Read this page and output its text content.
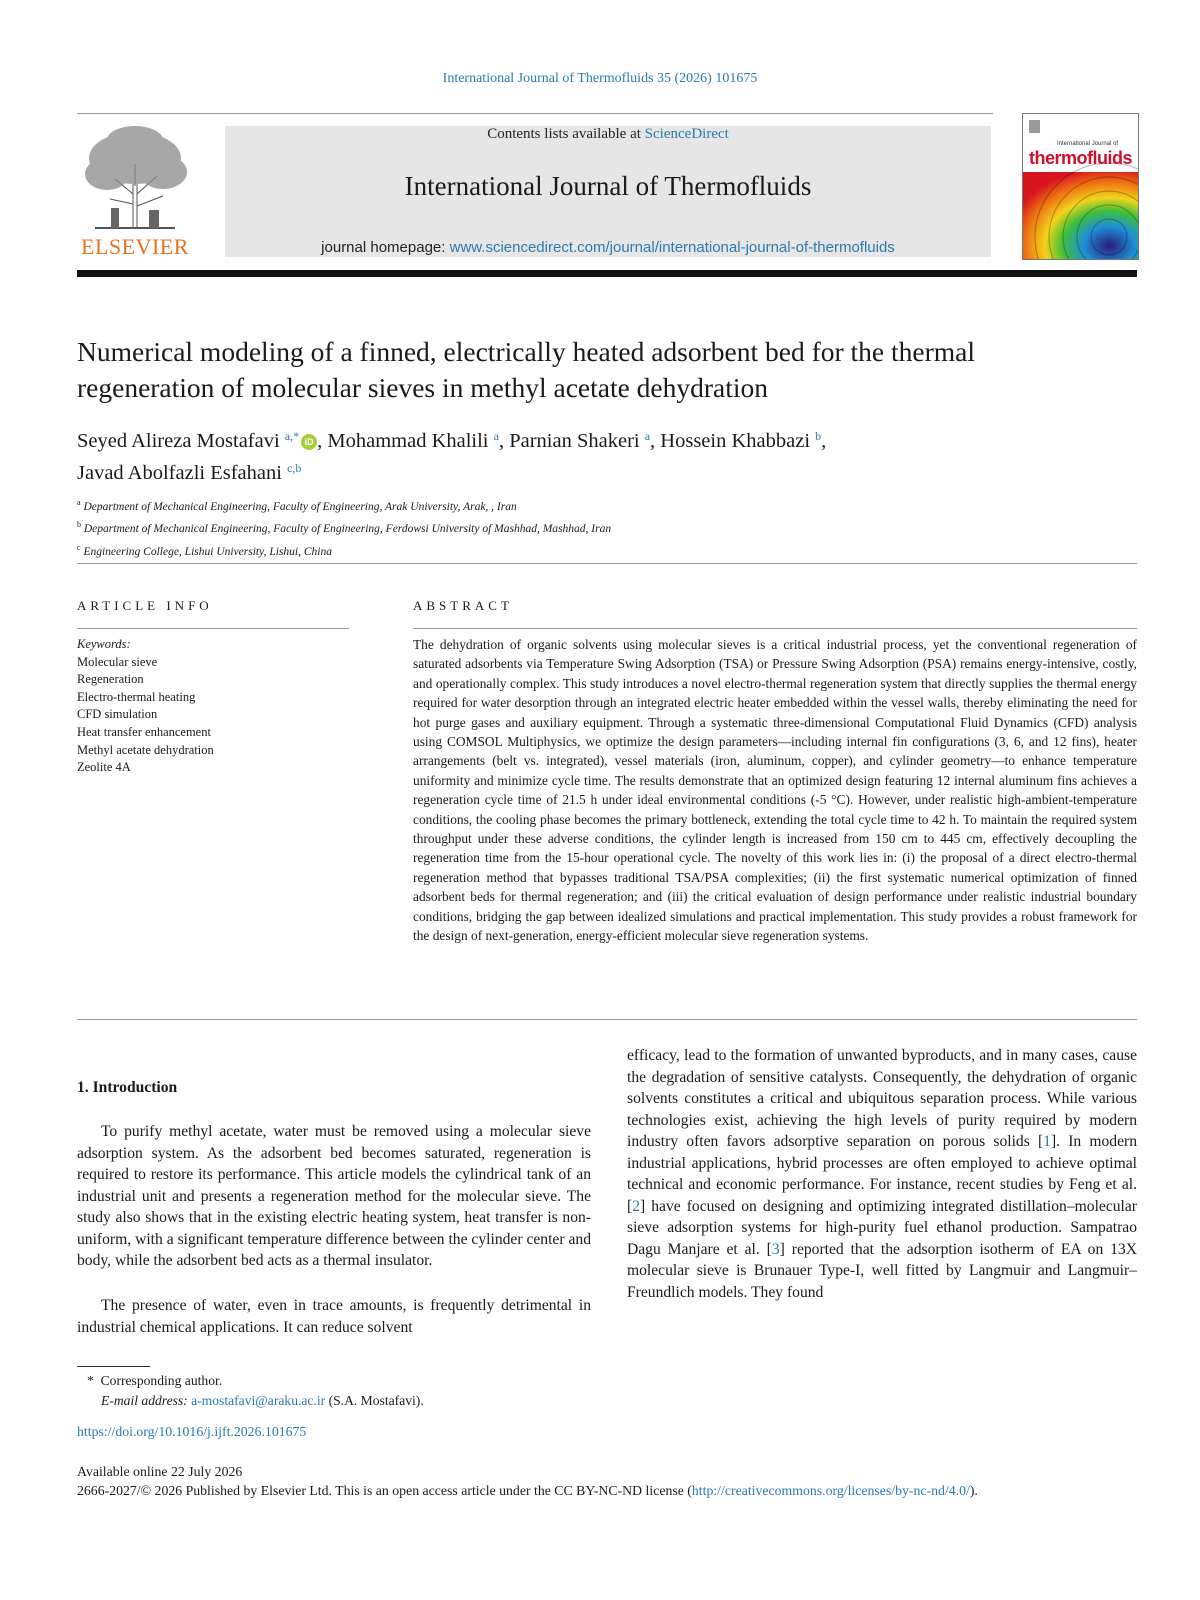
International Journal of Thermofluids 35 (2026) 101675
ELSEVIER
Contents lists available at ScienceDirect
International Journal of Thermofluids
journal homepage: www.sciencedirect.com/journal/international-journal-of-thermofluids
International Journal of
thermofluids
Numerical modeling of a finned, electrically heated adsorbent bed for the thermal regeneration of molecular sieves in methyl acetate dehydration
Seyed Alireza Mostafavi $^{a,*}$ iD , Mohammad Khalili $^a$, Parnian Shakeri $^a$, Hossein Khabbazi $^b$,
Javad Abolfazli Esfahani $^{c,b}$
$^a$ Department of Mechanical Engineering, Faculty of Engineering, Arak University, Arak, , Iran
$^b$ Department of Mechanical Engineering, Faculty of Engineering, Ferdowsi University of Mashhad, Mashhad, Iran
$^c$ Engineering College, Lishui University, Lishui, China
ARTICLE INFO
Keywords:
Molecular sieve
Regeneration
Electro-thermal heating
CFD simulation
Heat transfer enhancement
Methyl acetate dehydration
Zeolite 4A
ABSTRACT
The dehydration of organic solvents using molecular sieves is a critical industrial process, yet the conventional regeneration of saturated adsorbents via Temperature Swing Adsorption (TSA) or Pressure Swing Adsorption (PSA) remains energy-intensive, costly, and operationally complex. This study introduces a novel electro-thermal regeneration system that directly supplies the thermal energy required for water desorption through an integrated electric heater embedded within the vessel walls, thereby eliminating the need for hot purge gases and auxiliary equipment. Through a systematic three-dimensional Computational Fluid Dynamics (CFD) analysis using COMSOL Multiphysics, we optimize the design parameters—including internal fin configurations (3, 6, and 12 fins), heater arrangements (belt vs. integrated), vessel materials (iron, aluminum, copper), and cylinder geometry—to enhance temperature uniformity and minimize cycle time. The results demonstrate that an optimized design featuring 12 internal aluminum fins achieves a regeneration cycle time of 21.5 h under ideal environmental conditions (-5 °C). However, under realistic high-ambient-temperature conditions, the cooling phase becomes the primary bottleneck, extending the total cycle time to 42 h. To maintain the required system throughput under these adverse conditions, the cylinder length is increased from 150 cm to 445 cm, effectively decoupling the regeneration time from the 15-hour operational cycle. The novelty of this work lies in: (i) the proposal of a direct electro-thermal regeneration method that bypasses traditional TSA/PSA complexities; (ii) the first systematic numerical optimization of finned adsorbent beds for thermal regeneration; and (iii) the critical evaluation of design performance under realistic industrial boundary conditions, bridging the gap between idealized simulations and practical implementation. This study provides a robust framework for the design of next-generation, energy-efficient molecular sieve regeneration systems.
1. Introduction
To purify methyl acetate, water must be removed using a molecular sieve adsorption system. As the adsorbent bed becomes saturated, regeneration is required to restore its performance. This article models the cylindrical tank of an industrial unit and presents a regeneration method for the molecular sieve. The study also shows that in the existing electric heating system, heat transfer is non-uniform, with a significant temperature difference between the cylinder center and body, while the adsorbent bed acts as a thermal insulator.
The presence of water, even in trace amounts, is frequently detrimental in industrial chemical applications. It can reduce solvent
efficacy, lead to the formation of unwanted byproducts, and in many cases, cause the degradation of sensitive catalysts. Consequently, the dehydration of organic solvents constitutes a critical and ubiquitous separation process. While various technologies exist, achieving the high levels of purity required by modern industry often favors adsorptive separation on porous solids [1]. In modern industrial applications, hybrid processes are often employed to achieve optimal technical and economic performance. For instance, recent studies by Feng et al. [2] have focused on designing and optimizing integrated distillation–molecular sieve adsorption systems for high-purity fuel ethanol production. Sampatrao Dagu Manjare et al. [3] reported that the adsorption isotherm of EA on 13X molecular sieve is Brunauer Type-I, well fitted by Langmuir and Langmuir–Freundlich models. They found
* Corresponding author.
E-mail address: a-mostafavi@araku.ac.ir (S.A. Mostafavi).
https://doi.org/10.1016/j.ijft.2026.101675
Available online 22 July 2026
2666-2027/© 2026 Published by Elsevier Ltd. This is an open access article under the CC BY-NC-ND license (http://creativecommons.org/licenses/by-nc-nd/4.0/).
